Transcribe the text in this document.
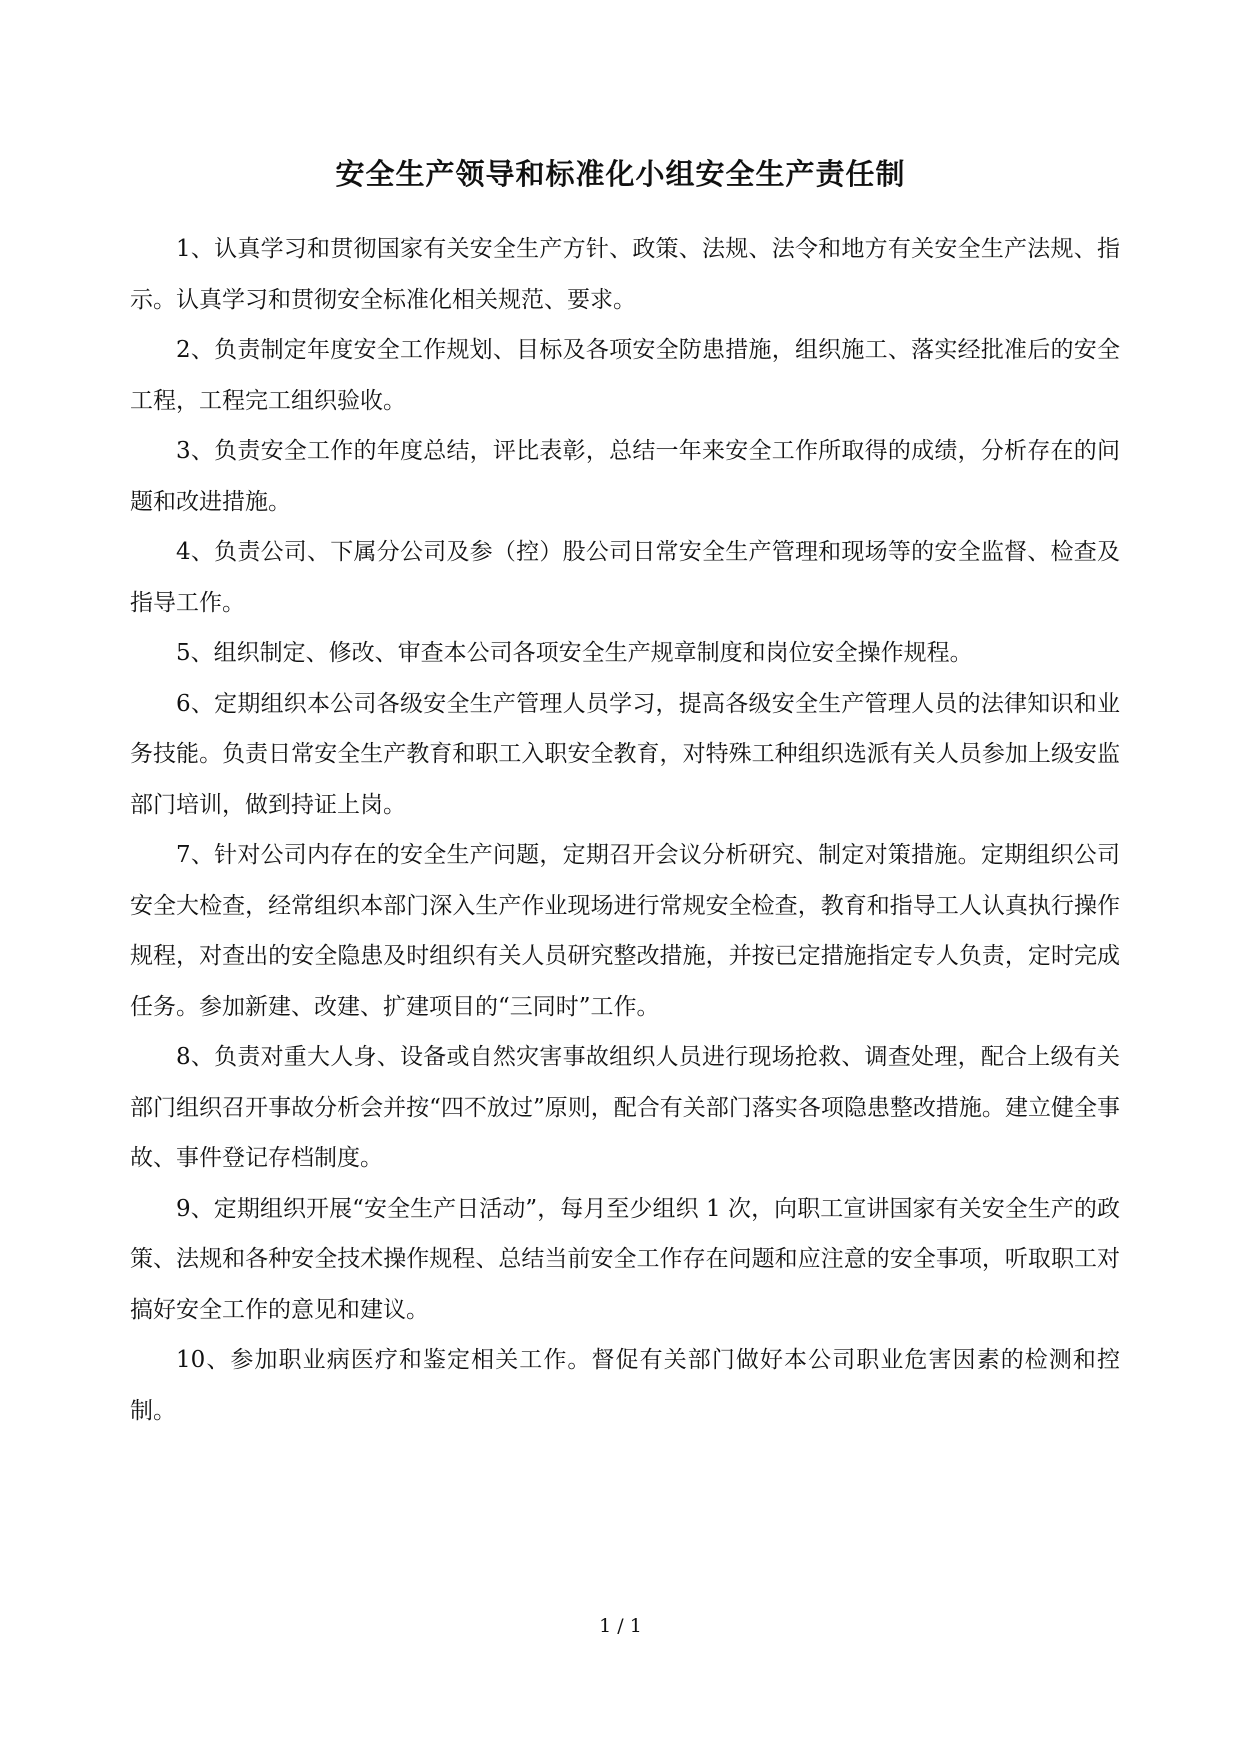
安全生产领导和标准化小组安全生产责任制

1、认真学习和贯彻国家有关安全生产方针、政策、法规、法令和地方有关安全生产法规、指示。认真学习和贯彻安全标准化相关规范、要求。

2、负责制定年度安全工作规划、目标及各项安全防患措施，组织施工、落实经批准后的安全工程，工程完工组织验收。

3、负责安全工作的年度总结，评比表彰，总结一年来安全工作所取得的成绩，分析存在的问题和改进措施。

4、负责公司、下属分公司及参（控）股公司日常安全生产管理和现场等的安全监督、检查及指导工作。

5、组织制定、修改、审查本公司各项安全生产规章制度和岗位安全操作规程。

6、定期组织本公司各级安全生产管理人员学习，提高各级安全生产管理人员的法律知识和业务技能。负责日常安全生产教育和职工入职安全教育，对特殊工种组织选派有关人员参加上级安监部门培训，做到持证上岗。

7、针对公司内存在的安全生产问题，定期召开会议分析研究、制定对策措施。定期组织公司安全大检查，经常组织本部门深入生产作业现场进行常规安全检查，教育和指导工人认真执行操作规程，对查出的安全隐患及时组织有关人员研究整改措施，并按已定措施指定专人负责，定时完成任务。参加新建、改建、扩建项目的“三同时”工作。

8、负责对重大人身、设备或自然灾害事故组织人员进行现场抢救、调查处理，配合上级有关部门组织召开事故分析会并按“四不放过”原则，配合有关部门落实各项隐患整改措施。建立健全事故、事件登记存档制度。

9、定期组织开展“安全生产日活动”，每月至少组织 1 次，向职工宣讲国家有关安全生产的政策、法规和各种安全技术操作规程、总结当前安全工作存在问题和应注意的安全事项，听取职工对搞好安全工作的意见和建议。

10、参加职业病医疗和鉴定相关工作。督促有关部门做好本公司职业危害因素的检测和控制。

1 / 1
